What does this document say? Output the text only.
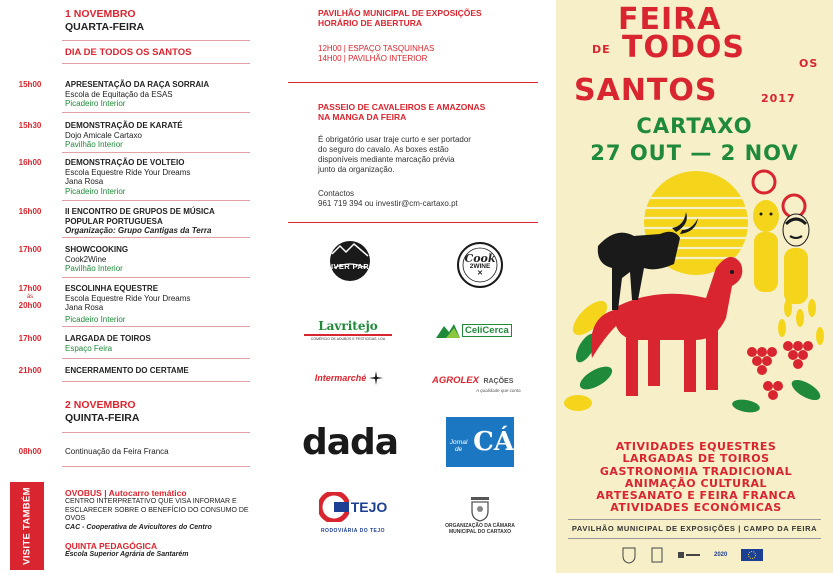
1 NOVEMBRO
QUARTA-FEIRA
DIA DE TODOS OS SANTOS
15h00	APRESENTAÇÃO DA RAÇA SORRAIA
Escola de Equitação da ESAS
Picadeiro Interior
15h30	DEMONSTRAÇÃO DE KARATÉ
Dojo Amicale Cartaxo
Pavilhão Interior
16h00	DEMONSTRAÇÃO DE VOLTEIO
Escola Equestre Ride Your Dreams
Jana Rosa
Picadeiro Interior
16h00	II ENCONTRO DE GRUPOS DE MÚSICA
POPULAR PORTUGUESA
Organização: Grupo Cantigas da Terra
17h00	SHOWCOOKING
Cook2Wine
Pavilhão Interior
17h00
às
20h00
ESCOLINHA EQUESTRE
Escola Equestre Ride Your Dreams
Jana Rosa
Picadeiro Interior
17h00	LARGADA DE TOIROS
Espaço Feira
21h00	ENCERRAMENTO DO CERTAME
2 NOVEMBRO
QUINTA-FEIRA
08h00	Continuação da Feira Franca
VISITE TAMBÉM	OVOBUS | Autocarro temático
CENTRO INTERPRETATIVO QUE VISA INFORMAR E
ESCLARECER SOBRE O BENEFÍCIO DO CONSUMO DE OVOS
CAC - Cooperativa de Avicultores do Centro
QUINTA PEDAGÓGICA
Escola Superior Agrária de Santarém
PAVILHÃO MUNICIPAL DE EXPOSIÇÕES
HORÁRIO DE ABERTURA
12H00 | ESPAÇO TASQUINHAS
14H00 | PAVILHÃO INTERIOR
PASSEIO DE CAVALEIROS E AMAZONAS
NA MANGA DA FEIRA
É obrigatório usar traje curto e ser portador
do seguro do cavalo. As boxes estão
disponíveis mediante marcação prévia
junto da organização.
Contactos
961 719 394 ou investir@cm-cartaxo.pt
RIVER PARK
Cook
2WINE
✕
Lavritejo
COMÉRCIO DE ADUBOS E PESTICIDAS, LDA
CeliCerca
Intermarché	AGROLEX RAÇÕES
A qualidade que conta
dada	Jornal de CÁ
TEJO
RODOVIÁRIA DO TEJO
ORGANIZAÇÃO DA CÂMARA
MUNICIPAL DO CARTAXO
FEIRA
DE TODOS	OS
SANTOS	2017
CARTAXO
27 OUT — 2 NOV
ATIVIDADES EQUESTRES
LARGADAS DE TOIROS
GASTRONOMIA TRADICIONAL
ANIMAÇÃO CULTURAL
ARTESANATO E FEIRA FRANCA
ATIVIDADES ECONÓMICAS
PAVILHÃO MUNICIPAL DE EXPOSIÇÕES | CAMPO DA FEIRA
2020
